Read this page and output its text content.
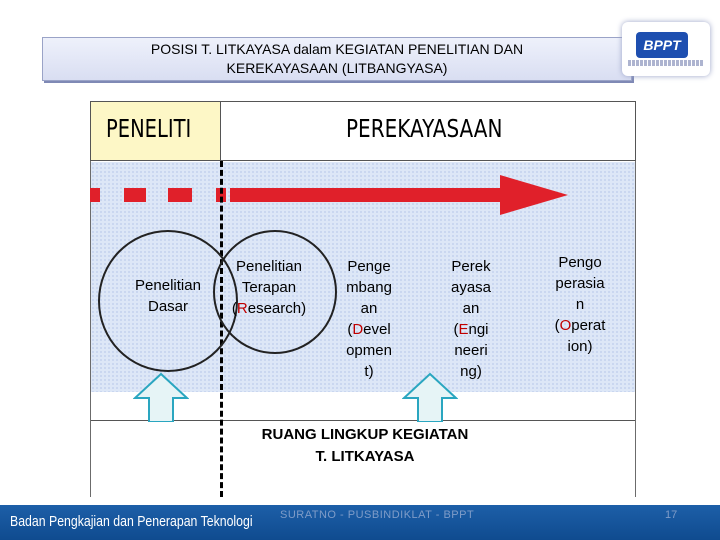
POSISI T. LITKAYASA dalam KEGIATAN PENELITIAN DAN
KEREKAYASAAN (LITBANGYASA)
BPPT
PENELITI	PEREKAYASAAN
Penelitian
Dasar
Penelitian
Terapan
(Research)
Penge
mbang
an
(Devel
opmen
t)
Perek
ayasa
an
(Engi
neeri
ng)
Pengo
perasia
n
(Operat
ion)
RUANG LINGKUP KEGIATAN
T. LITKAYASA
Badan Pengkajian dan Penerapan Teknologi SURATNO - PUSBINDIKLAT - BPPT	17
